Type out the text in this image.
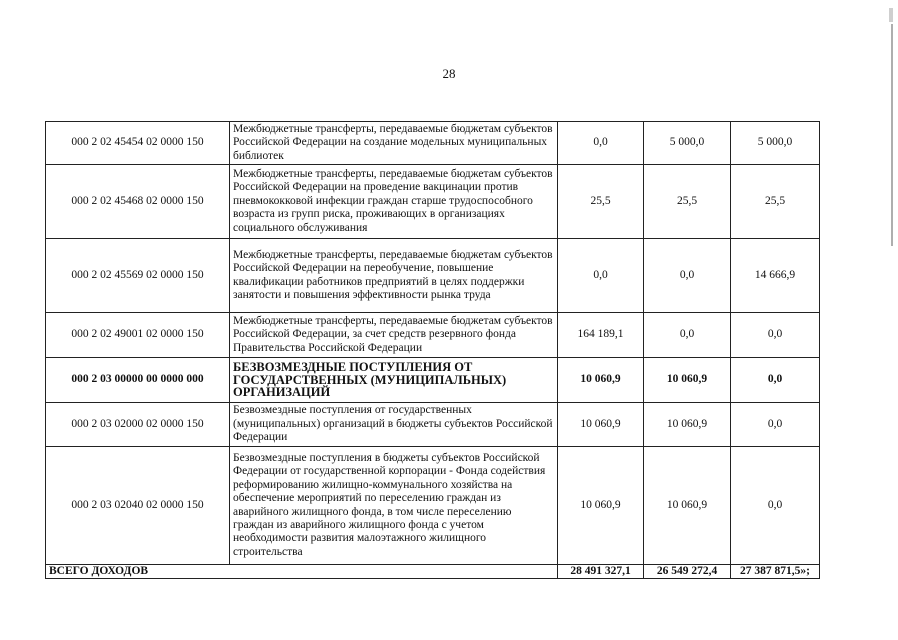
28
000 2 02 45454 02 0000 150	Межбюджетные трансферты, передаваемые бюджетам субъектов Российской Федерации на создание модельных муниципальных библиотек	0,0	5 000,0	5 000,0
000 2 02 45468 02 0000 150	Межбюджетные трансферты, передаваемые бюджетам субъектов Российской Федерации на проведение вакцинации против пневмококковой инфекции граждан старше трудоспособного возраста из групп риска, проживающих в организациях социального обслуживания	25,5	25,5	25,5
000 2 02 45569 02 0000 150	Межбюджетные трансферты, передаваемые бюджетам субъектов Российской Федерации на переобучение, повышение квалификации работников предприятий в целях поддержки занятости и повышения эффективности рынка труда	0,0	0,0	14 666,9
000 2 02 49001 02 0000 150	Межбюджетные трансферты, передаваемые бюджетам субъектов Российской Федерации, за счет средств резервного фонда Правительства Российской Федерации	164 189,1	0,0	0,0
000 2 03 00000 00 0000 000	БЕЗВОЗМЕЗДНЫЕ ПОСТУПЛЕНИЯ ОТ ГОСУДАРСТВЕННЫХ (МУНИЦИПАЛЬНЫХ) ОРГАНИЗАЦИЙ	10 060,9	10 060,9	0,0
000 2 03 02000 02 0000 150	Безвозмездные поступления от государственных (муниципальных) организаций в бюджеты субъектов Российской Федерации	10 060,9	10 060,9	0,0
000 2 03 02040 02 0000 150	Безвозмездные поступления в бюджеты субъектов Российской Федерации от государственной корпорации - Фонда содействия реформированию жилищно-коммунального хозяйства на обеспечение мероприятий по переселению граждан из аварийного жилищного фонда, в том числе переселению граждан из аварийного жилищного фонда с учетом необходимости развития малоэтажного жилищного строительства	10 060,9	10 060,9	0,0
ВСЕГО ДОХОДОВ		28 491 327,1	26 549 272,4	27 387 871,5»;
